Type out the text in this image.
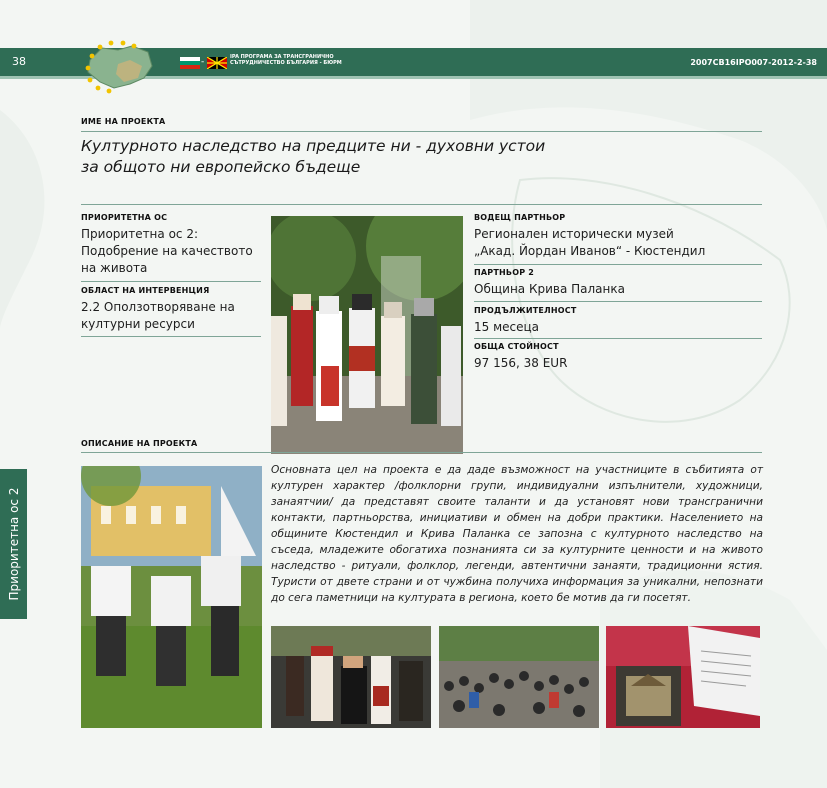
38	-	IPA ПРОГРАМА ЗА ТРАНСГРАНИЧНО СЪТРУДНИЧЕСТВО БЪЛГАРИЯ - БЮРМ	2007CB16IPO007-2012-2-38
Приоритетна ос 2
ИМЕ НА ПРОЕКТА
Културното наследство на предците ни - духовни устои
за общото ни европейско бъдеще
ПРИОРИТЕТНА ОС
Приоритетна ос 2:
Подобрение на качеството
на живота
ОБЛАСТ НА ИНТЕРВЕНЦИЯ
2.2 Оползотворяване на
културни ресурси
ВОДЕЩ ПАРТНЬОР
Регионален исторически музей
„Акад. Йордан Иванов“ - Кюстендил
ПАРТНЬОР 2
Община Крива Паланка
ПРОДЪЛЖИТЕЛНОСТ
15 месеца
ОБЩА СТОЙНОСТ
97 156, 38 EUR
ОПИСАНИЕ НА ПРОЕКТА
Основната цел на проекта е да даде възможност на участниците в събитията от културен характер /фолклорни групи, индивидуални изпълнители, художници, занаятчии/ да представят своите таланти и да установят нови трансгранични контакти, партньорства, инициативи и обмен на добри практики. Населението на общините Кюстендил и Крива Паланка се запозна с културното наследство на съседа, младежите обогатиха познанията си за културните ценности и на живото наследство - ритуали, фолклор, легенди, автентични занаяти, традиционни ястия. Туристи от двете страни и от чужбина получиха информация за уникални, непознати до сега паметници на културата в региона, което бе мотив да ги посетят.
